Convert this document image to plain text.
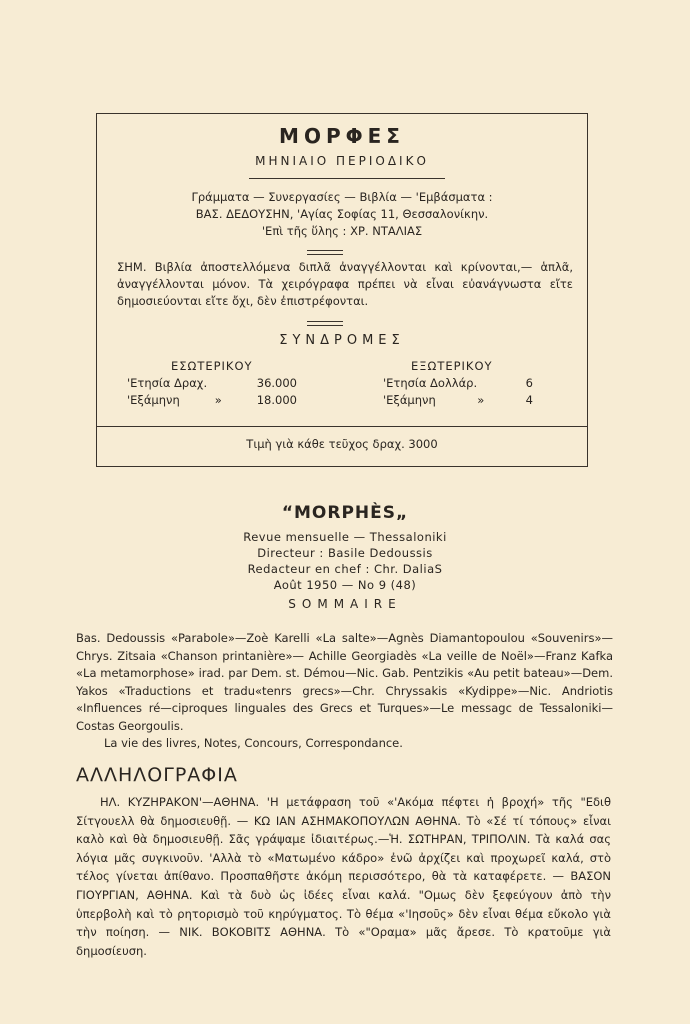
ΜΟΡΦΕΣ
ΜΗΝΙΑΙΟ ΠΕΡΙΟΔΙΚΟ
Γράμματα — Συνεργασίες — Βιβλία — 'Εμβάσματα :
ΒΑΣ. ΔΕΔΟΥΣΗΝ, 'Αγίας Σοφίας 11, Θεσσαλονίκην.
'Επὶ τῆς ὕλης : ΧΡ. ΝΤΑΛΙΑΣ
ΣΗΜ. Βιβλία ἀποστελλόμενα διπλᾶ ἀναγγέλλονται καὶ κρίνονται,— ἁπλᾶ, ἀναγγέλλονται μόνον. Τὰ χειρόγραφα πρέπει νὰ εἶναι εὐανάγνωστα εἴτε δημοσιεύονται εἴτε ὄχι, δὲν ἐπιστρέφονται.
ΣΥΝΔΡΟΜΕΣ
ΕΣΩΤΕΡΙΚΟΥ
'Ετησία Δραχ.	36.000
'Εξάμηνη	»	18.000
ΕΞΩΤΕΡΙΚΟΥ
'Ετησία Δολλάρ.	6
'Εξάμηνη	»	4
Τιμὴ γιὰ κάθε τεῦχος δραχ. 3000
“MORPHÈS„
Revue mensuelle — Thessaloniki
Directeur : Basile Dedoussis
Redacteur en chef : Chr. DaliaS
Août 1950 — No 9 (48)
SOMMAIRE

Bas. Dedoussis «Parabole»—Zoè Karelli «La salte»—Agnès Diamantopoulou «Souvenirs»—Chrys. Zitsaia «Chanson printanière»— Achille Georgiadès «La veille de Noël»—Franz Kafka «La metamorphose» irad. par Dem. st. Démou—Nic. Gab. Pentzikis «Au petit bateau»—Dem. Yakos «Traductions et tradu«tenrs grecs»—Chr. Chryssakis «Kydippe»—Nic. Andriotis «Influences ré—ciproques linguales des Grecs et Turques»—Le messagc de Tessaloniki—Costas Georgoulis.

La vie des livres, Notes, Concours, Correspondance.

ΑΛΛΗΛΟΓΡΑΦΙΑ
ΗΛ. ΚΥΖΗΡΑΚΟΝ'—ΑΘΗΝΑ. 'Η μετάφραση τοῦ «'Ακόμα πέφτει ἡ βροχή» τῆς "Εδιθ Σίτγουελλ θὰ δημοσιευθῇ. — ΚΩ ΙΑΝ ΑΣΗΜΑΚΟΠΟΥΛΩΝ ΑΘΗΝΑ. Τὸ «Σέ τί τόπους» εἶναι καλὸ καὶ θὰ δημοσιευθῇ. Σᾶς γράψαμε ἰδιαιτέρως.—Ἡ. ΣΩΤΗΡΑΝ, ΤΡΙΠΟΛΙΝ. Τὰ καλά σας λόγια μᾶς συγκινοῦν. 'Αλλὰ τὸ «Ματωμένο κάδρο» ἐνῶ ἀρχίζει καὶ προχωρεῖ καλά, στὸ τέλος γίνεται ἀπίθανο. Προσπαθῆστε ἀκόμη περισσότερο, θὰ τὰ καταφέρετε. — ΒΑΣΟΝ ΓΙΟΥΡΓΙΑΝ, ΑΘΗΝΑ. Καὶ τὰ δυὸ ὡς ἰδέες εἶναι καλά. "Ομως δὲν ξεφεύγουν ἀπὸ τὴν ὑπερβολὴ καὶ τὸ ρητορισμὸ τοῦ κηρύγματος. Τὸ θέμα «'Ιησοῦς» δὲν εἶναι θέμα εὔκολο γιὰ τὴν ποίηση. — ΝΙΚ. ΒΟΚΟΒΙΤΣ ΑΘΗΝΑ. Τὸ «"Οραμα» μᾶς ἄρεσε. Τὸ κρατοῦμε γιὰ δημοσίευση.
